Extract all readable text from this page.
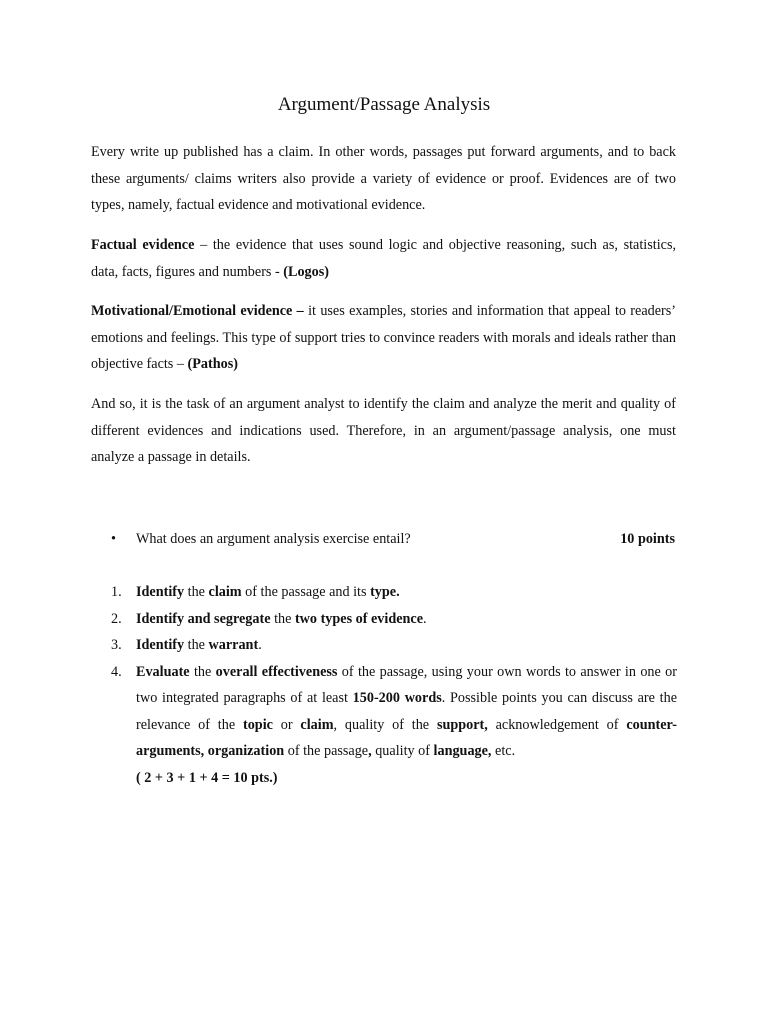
Argument/Passage Analysis

Every write up published has a claim. In other words, passages put forward arguments, and to back these arguments/ claims writers also provide a variety of evidence or proof. Evidences are of two types, namely, factual evidence and motivational evidence.

Factual evidence – the evidence that uses sound logic and objective reasoning, such as, statistics, data, facts, figures and numbers - (Logos)

Motivational/Emotional evidence – it uses examples, stories and information that appeal to readers’ emotions and feelings. This type of support tries to convince readers with morals and ideals rather than objective facts – (Pathos)

And so, it is the task of an argument analyst to identify the claim and analyze the merit and quality of different evidences and indications used. Therefore, in an argument/passage analysis, one must analyze a passage in details.

• What does an argument analysis exercise entail?	10 points
1. Identify the claim of the passage and its type.
2. Identify and segregate the two types of evidence.
3. Identify the warrant.
4. Evaluate the overall effectiveness of the passage, using your own words to answer in one or two integrated paragraphs of at least 150-200 words. Possible points you can discuss are the relevance of the topic or claim, quality of the support, acknowledgement of counter-arguments, organization of the passage, quality of language, etc.
( 2 + 3 + 1 + 4 = 10 pts.)
